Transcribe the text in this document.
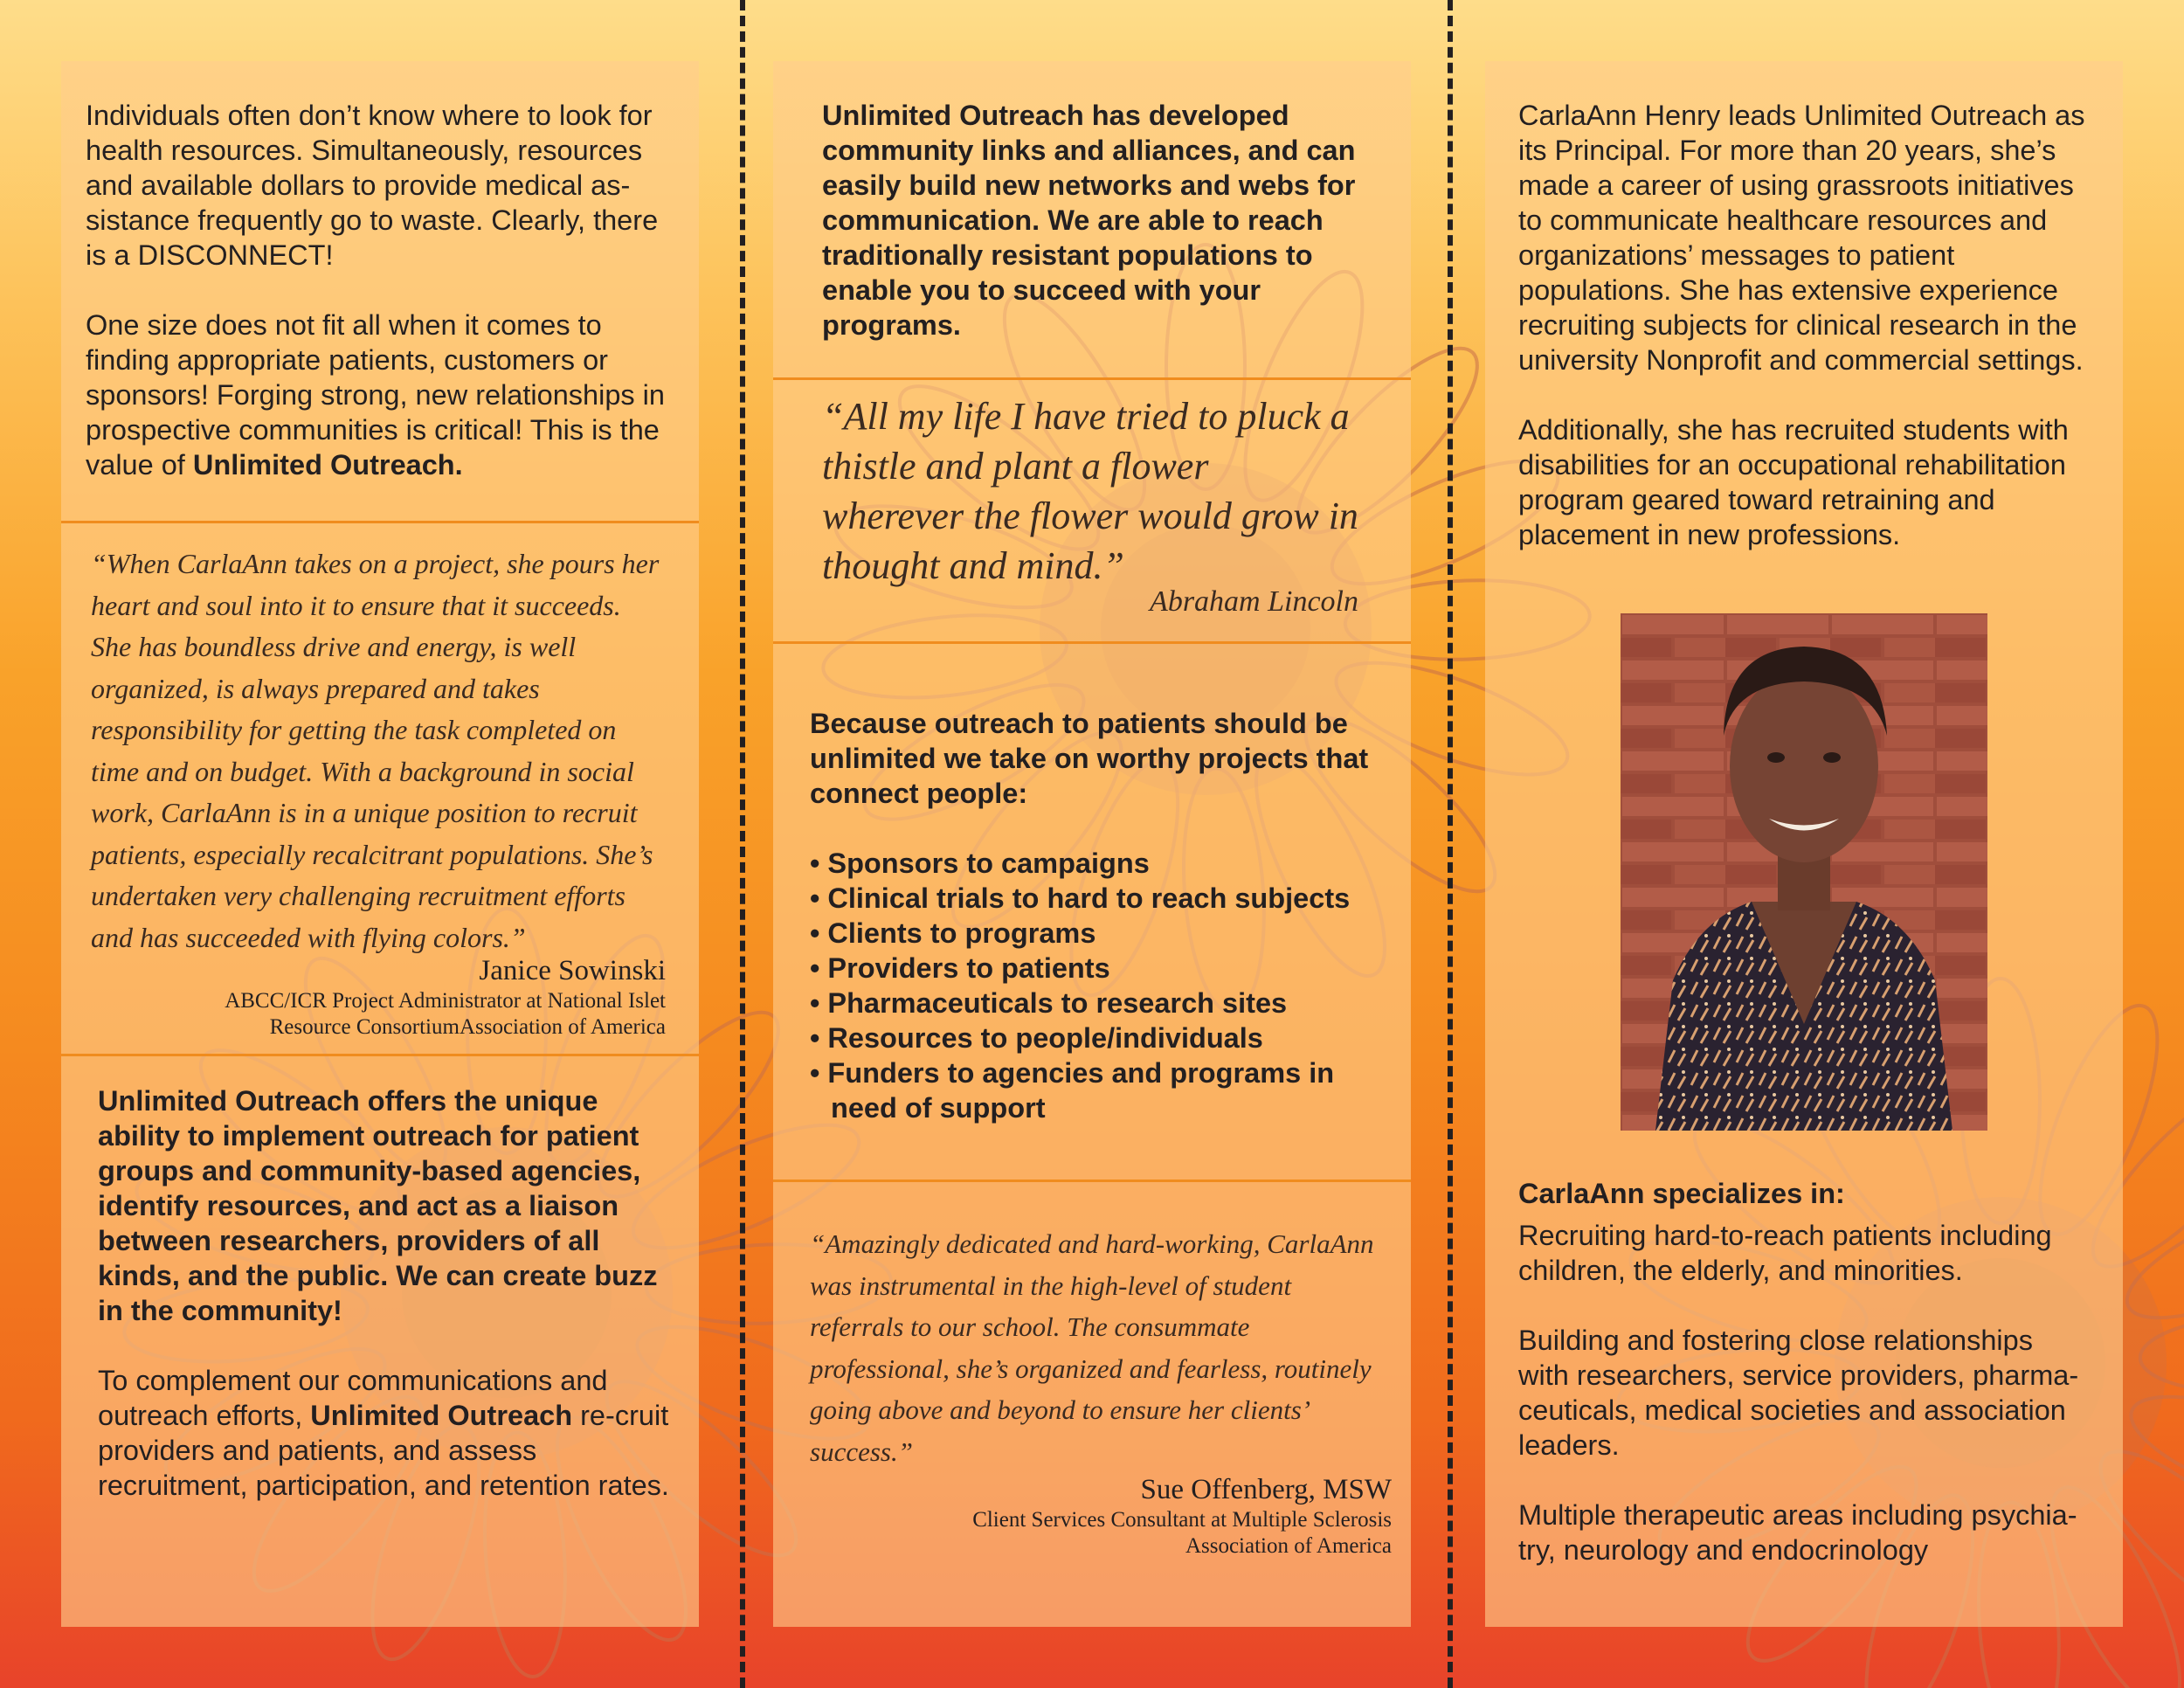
Individuals often don’t know where to look for health resources. Simultaneously, resources and available dollars to provide medical as-sistance frequently go to waste. Clearly, there is a DISCONNECT!

One size does not fit all when it comes to finding appropriate patients, customers or sponsors! Forging strong, new relationships in prospective communities is critical! This is the value of Unlimited Outreach.

“When CarlaAnn takes on a project, she pours her heart and soul into it to ensure that it succeeds. She has boundless drive and energy, is well organized, is always prepared and takes responsibility for getting the task completed on time and on budget. With a background in social work, CarlaAnn is in a unique position to recruit patients, especially recalcitrant populations. She’s undertaken very challenging recruitment efforts and has succeeded with flying colors.”

Janice Sowinski
ABCC/ICR Project Administrator at National Islet
Resource ConsortiumAssociation of America

Unlimited Outreach offers the unique ability to implement outreach for patient groups and community-based agencies, identify resources, and act as a liaison between researchers, providers of all kinds, and the public. We can create buzz in the community!

To complement our communications and outreach efforts, Unlimited Outreach re-cruit providers and patients, and assess recruitment, participation, and retention rates.

Unlimited Outreach has developed community links and alliances, and can easily build new networks and webs for communication. We are able to reach traditionally resistant populations to enable you to succeed with your programs.

“All my life I have tried to pluck a thistle and plant a flower wherever the flower would grow in thought and mind.”

Abraham Lincoln

Because outreach to patients should be unlimited we take on worthy projects that connect people:

• Sponsors to campaigns
• Clinical trials to hard to reach subjects
• Clients to programs
• Providers to patients
• Pharmaceuticals to research sites
• Resources to people/individuals
• Funders to agencies and programs in need of support

“Amazingly dedicated and hard-working, CarlaAnn was instrumental in the high-level of student referrals to our school. The consummate professional, she’s organized and fearless, routinely going above and beyond to ensure her clients’ success.”

Sue Offenberg, MSW
Client Services Consultant at Multiple Sclerosis
Association of America

CarlaAnn Henry leads Unlimited Outreach as its Principal. For more than 20 years, she’s made a career of using grassroots initiatives to communicate healthcare resources and organizations’ messages to patient populations. She has extensive experience recruiting subjects for clinical research in the university Nonprofit and commercial settings.

Additionally, she has recruited students with disabilities for an occupational rehabilitation program geared toward retraining and placement in new professions.

CarlaAnn specializes in:

Recruiting hard-to-reach patients including children, the elderly, and minorities.

Building and fostering close relationships with researchers, service providers, pharma-ceuticals, medical societies and association leaders.

Multiple therapeutic areas including psychia-try, neurology and endocrinology
